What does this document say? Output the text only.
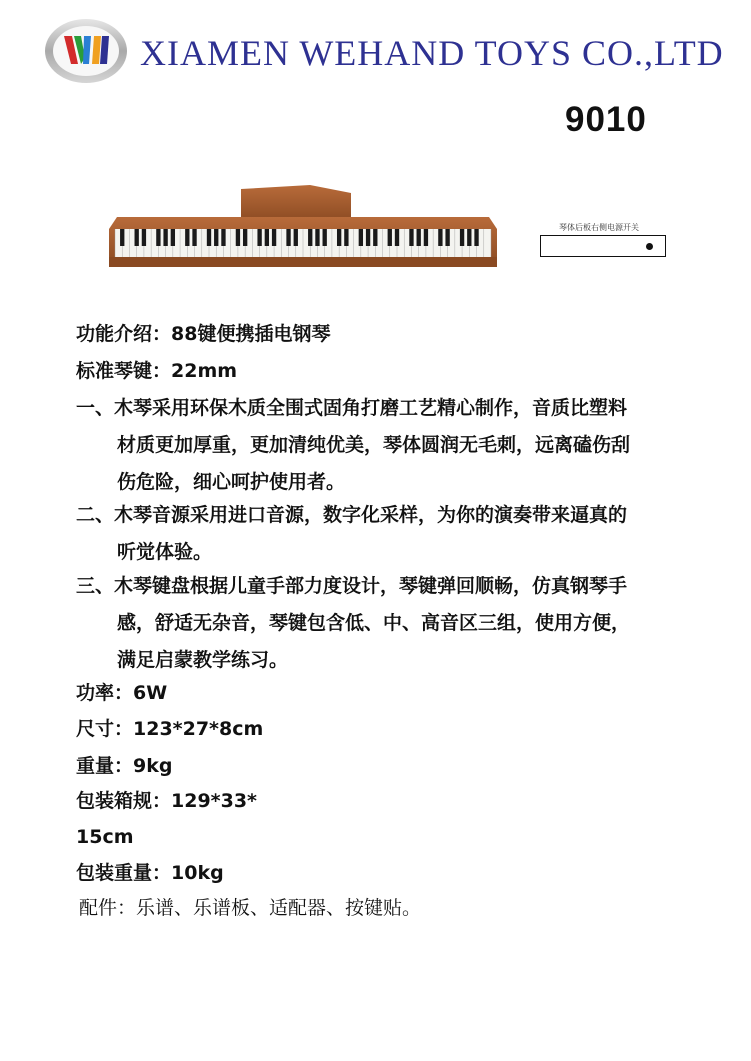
XIAMEN WEHAND TOYS CO.,LTD
9010
琴体后板右侧电源开关
功能介绍：88键便携插电钢琴
标准琴键：22mm
一、木琴采用环保木质全围式固角打磨工艺精心制作，音质比塑料
材质更加厚重，更加清纯优美，琴体圆润无毛刺，远离磕伤刮
伤危险，细心呵护使用者。
二、木琴音源采用进口音源，数字化采样，为你的演奏带来逼真的
听觉体验。
三、木琴键盘根据儿童手部力度设计，琴键弹回顺畅，仿真钢琴手
感，舒适无杂音，琴键包含低、中、高音区三组，使用方便，
满足启蒙教学练习。
功率：6W
尺寸：123*27*8cm
重量：9kg
包装箱规：129*33*
15cm
包装重量：10kg
配件：乐谱、乐谱板、适配器、按键贴。
